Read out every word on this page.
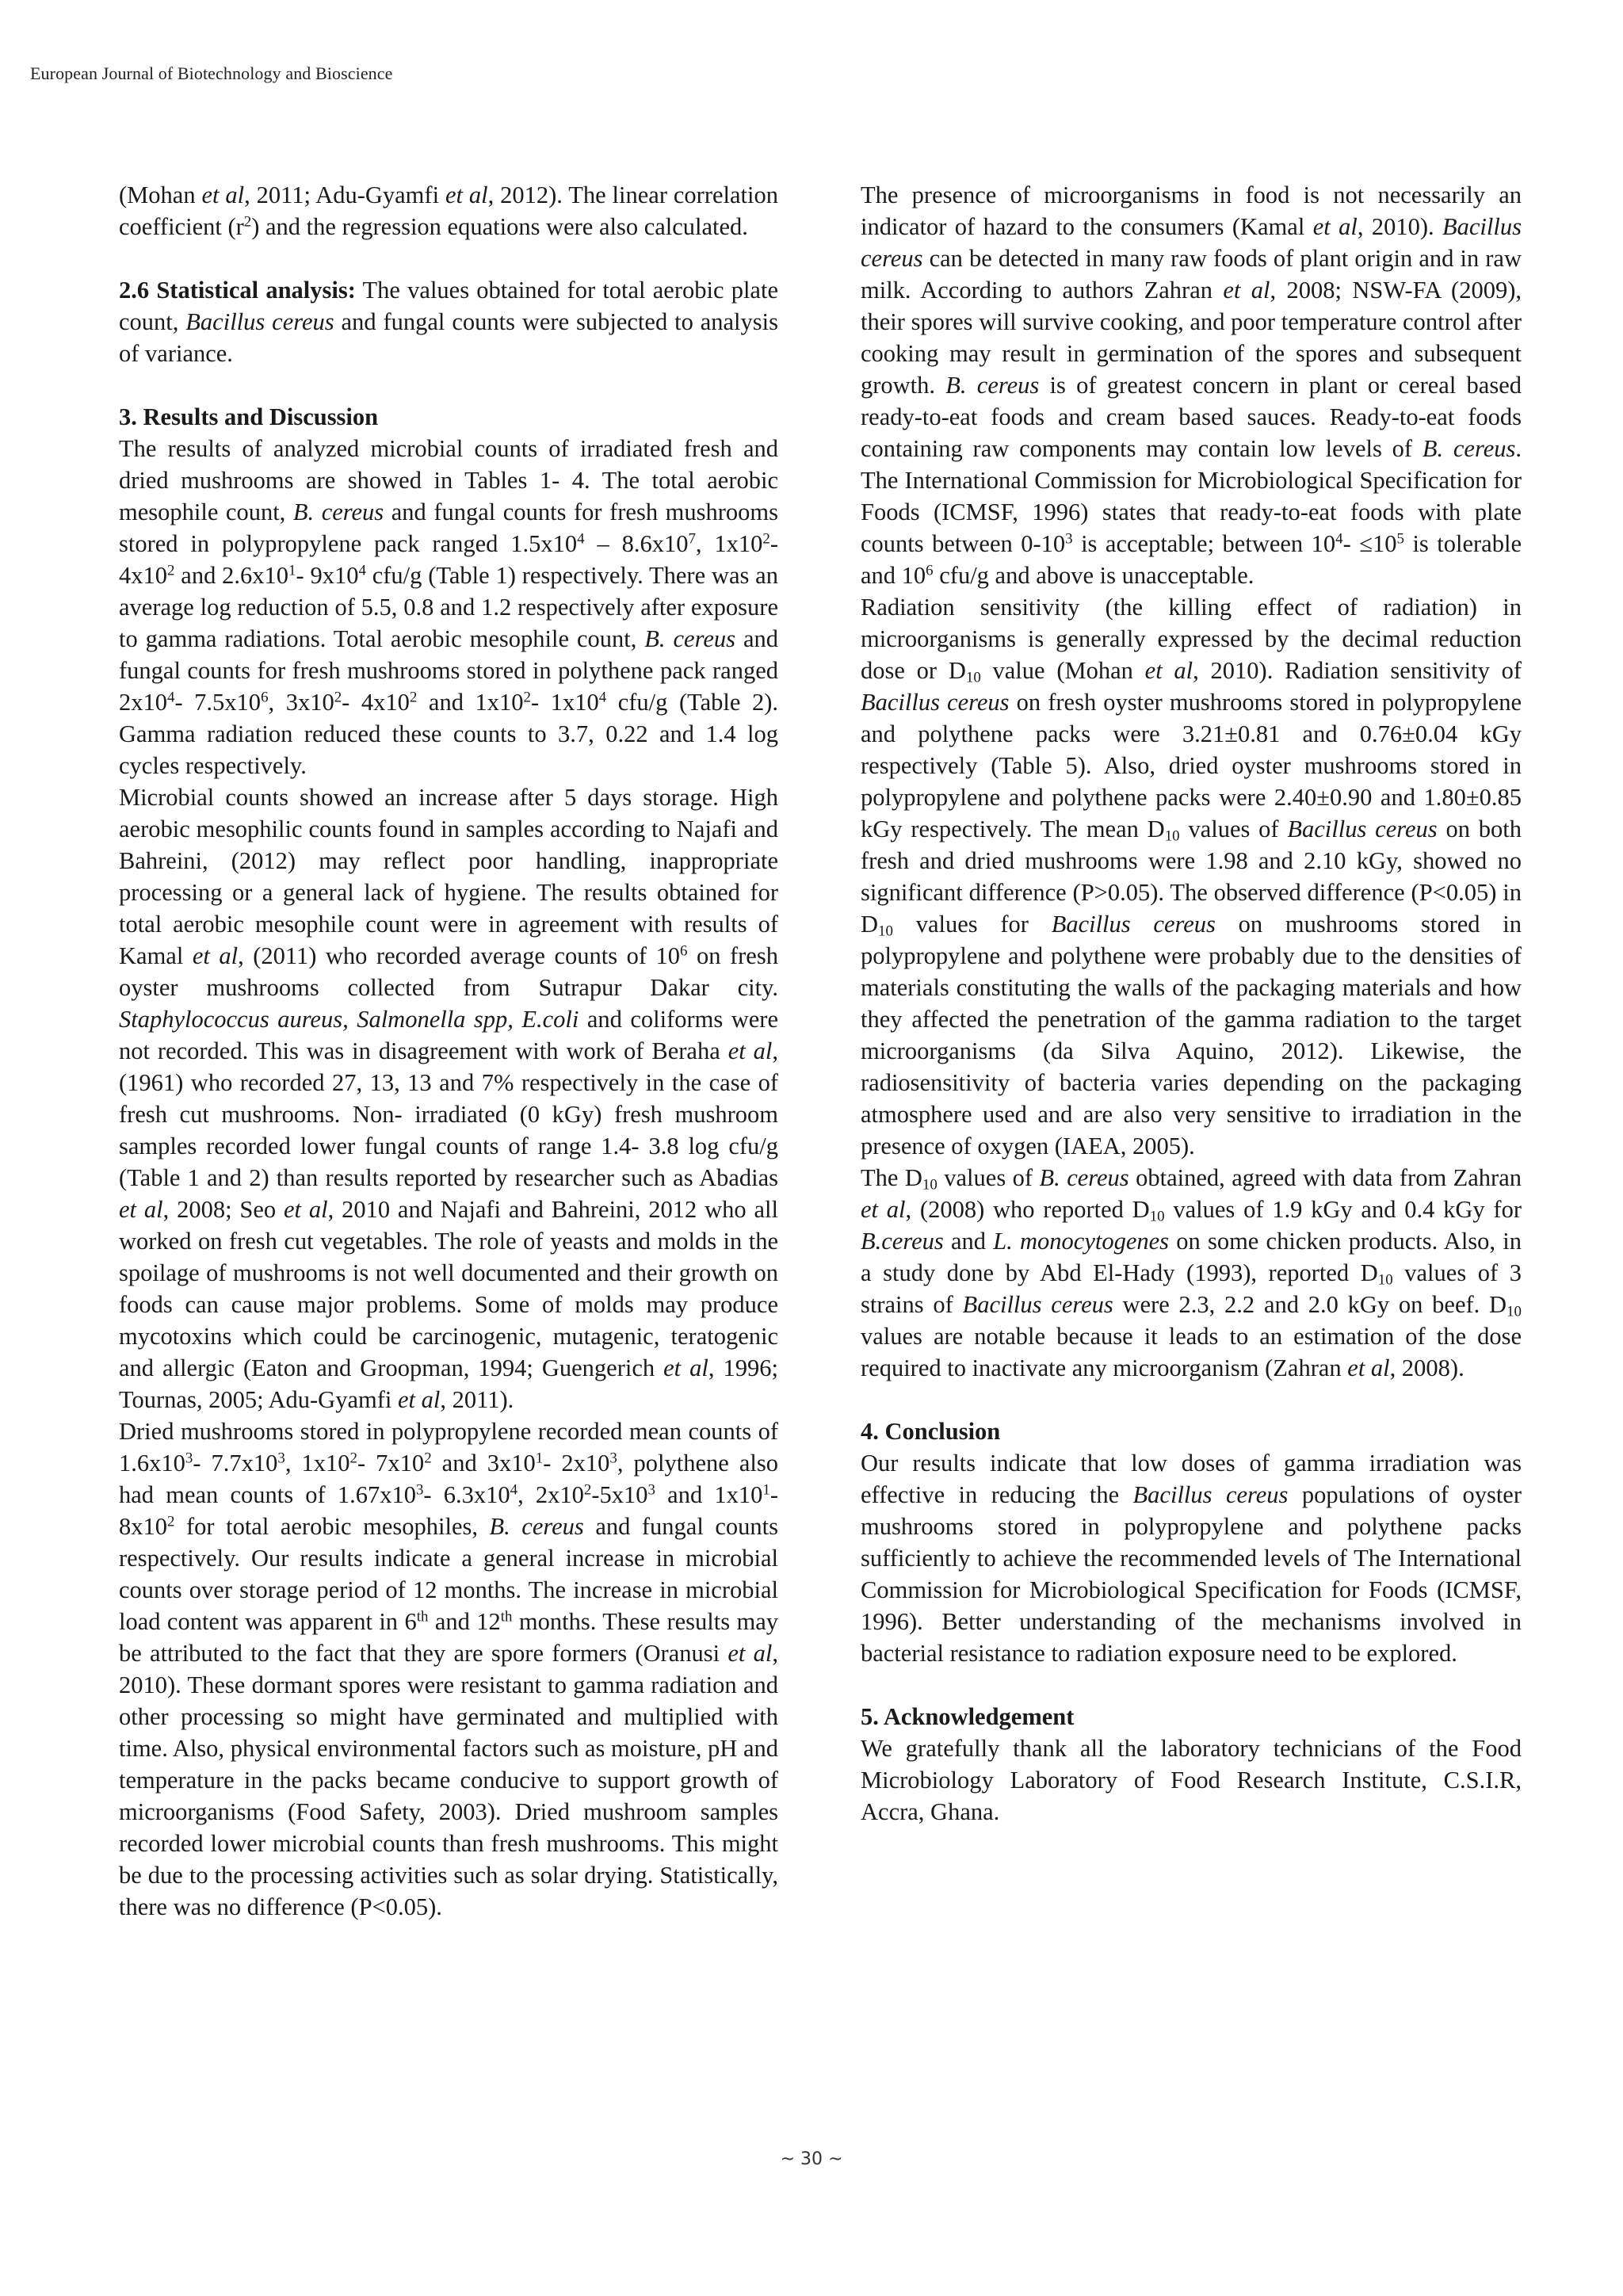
European Journal of Biotechnology and Bioscience

(Mohan et al, 2011; Adu-Gyamfi et al, 2012). The linear correlation coefficient $(r^2)$ and the regression equations were also calculated.

2.6 Statistical analysis: The values obtained for total aerobic plate count, Bacillus cereus and fungal counts were subjected to analysis of variance.

3. Results and Discussion

The results of analyzed microbial counts of irradiated fresh and dried mushrooms are showed in Tables 1- 4. The total aerobic mesophile count, B. cereus and fungal counts for fresh mushrooms stored in polypropylene pack ranged $1.5x10^4 - 8.6x10^7$, $1x10^2-$ $4x10^2$ and $2.6x10^1-$ $9x10^4$ cfu/g (Table 1) respectively. There was an average log reduction of 5.5, 0.8 and 1.2 respectively after exposure to gamma radiations. Total aerobic mesophile count, B. cereus and fungal counts for fresh mushrooms stored in polythene pack ranged $2x10^4-$ $7.5x10^6$, $3x10^2-$ $4x10^2$ and $1x10^2-$ $1x10^4$ cfu/g (Table 2). Gamma radiation reduced these counts to 3.7, 0.22 and 1.4 log cycles respectively.

Microbial counts showed an increase after 5 days storage. High aerobic mesophilic counts found in samples according to Najafi and Bahreini, (2012) may reflect poor handling, inappropriate processing or a general lack of hygiene. The results obtained for total aerobic mesophile count were in agreement with results of Kamal et al, (2011) who recorded average counts of $10^6$ on fresh oyster mushrooms collected from Sutrapur Dakar city. Staphylococcus aureus, Salmonella spp, E.coli and coliforms were not recorded. This was in disagreement with work of Beraha et al, (1961) who recorded 27, 13, 13 and 7% respectively in the case of fresh cut mushrooms. Non- irradiated (0 kGy) fresh mushroom samples recorded lower fungal counts of range 1.4- 3.8 log cfu/g (Table 1 and 2) than results reported by researcher such as Abadias et al, 2008; Seo et al, 2010 and Najafi and Bahreini, 2012 who all worked on fresh cut vegetables. The role of yeasts and molds in the spoilage of mushrooms is not well documented and their growth on foods can cause major problems. Some of molds may produce mycotoxins which could be carcinogenic, mutagenic, teratogenic and allergic (Eaton and Groopman, 1994; Guengerich et al, 1996; Tournas, 2005; Adu-Gyamfi et al, 2011).

Dried mushrooms stored in polypropylene recorded mean counts of $1.6x10^3-$ $7.7x10^3$, $1x10^2-$ $7x10^2$ and $3x10^1-$ $2x10^3$, polythene also had mean counts of $1.67x10^3-$ $6.3x10^4$, $2x10^2-5x10^3$ and $1x10^1-$ $8x10^2$ for total aerobic mesophiles, B. cereus and fungal counts respectively. Our results indicate a general increase in microbial counts over storage period of 12 months. The increase in microbial load content was apparent in 6th and 12th months. These results may be attributed to the fact that they are spore formers (Oranusi et al, 2010). These dormant spores were resistant to gamma radiation and other processing so might have germinated and multiplied with time. Also, physical environmental factors such as moisture, pH and temperature in the packs became conducive to support growth of microorganisms (Food Safety, 2003). Dried mushroom samples recorded lower microbial counts than fresh mushrooms. This might be due to the processing activities such as solar drying. Statistically, there was no difference (P<0.05).

The presence of microorganisms in food is not necessarily an indicator of hazard to the consumers (Kamal et al, 2010). Bacillus cereus can be detected in many raw foods of plant origin and in raw milk. According to authors Zahran et al, 2008; NSW-FA (2009), their spores will survive cooking, and poor temperature control after cooking may result in germination of the spores and subsequent growth. B. cereus is of greatest concern in plant or cereal based ready-to-eat foods and cream based sauces. Ready-to-eat foods containing raw components may contain low levels of B. cereus. The International Commission for Microbiological Specification for Foods (ICMSF, 1996) states that ready-to-eat foods with plate counts between $0-10^3$ is acceptable; between $10^4- \le 10^5$ is tolerable and $10^6$ cfu/g and above is unacceptable.

Radiation sensitivity (the killing effect of radiation) in microorganisms is generally expressed by the decimal reduction dose or $D_{10}$ value (Mohan et al, 2010). Radiation sensitivity of Bacillus cereus on fresh oyster mushrooms stored in polypropylene and polythene packs were 3.21±0.81 and 0.76±0.04 kGy respectively (Table 5). Also, dried oyster mushrooms stored in polypropylene and polythene packs were 2.40±0.90 and 1.80±0.85 kGy respectively. The mean $D_{10}$ values of Bacillus cereus on both fresh and dried mushrooms were 1.98 and 2.10 kGy, showed no significant difference (P>0.05). The observed difference (P<0.05) in $D_{10}$ values for Bacillus cereus on mushrooms stored in polypropylene and polythene were probably due to the densities of materials constituting the walls of the packaging materials and how they affected the penetration of the gamma radiation to the target microorganisms (da Silva Aquino, 2012). Likewise, the radiosensitivity of bacteria varies depending on the packaging atmosphere used and are also very sensitive to irradiation in the presence of oxygen (IAEA, 2005).

The $D_{10}$ values of B. cereus obtained, agreed with data from Zahran et al, (2008) who reported $D_{10}$ values of 1.9 kGy and 0.4 kGy for B.cereus and L. monocytogenes on some chicken products. Also, in a study done by Abd El-Hady (1993), reported $D_{10}$ values of 3 strains of Bacillus cereus were 2.3, 2.2 and 2.0 kGy on beef. $D_{10}$ values are notable because it leads to an estimation of the dose required to inactivate any microorganism (Zahran et al, 2008).

4. Conclusion

Our results indicate that low doses of gamma irradiation was effective in reducing the Bacillus cereus populations of oyster mushrooms stored in polypropylene and polythene packs sufficiently to achieve the recommended levels of The International Commission for Microbiological Specification for Foods (ICMSF, 1996). Better understanding of the mechanisms involved in bacterial resistance to radiation exposure need to be explored.

5. Acknowledgement

We gratefully thank all the laboratory technicians of the Food Microbiology Laboratory of Food Research Institute, C.S.I.R, Accra, Ghana.

~ 30 ~
